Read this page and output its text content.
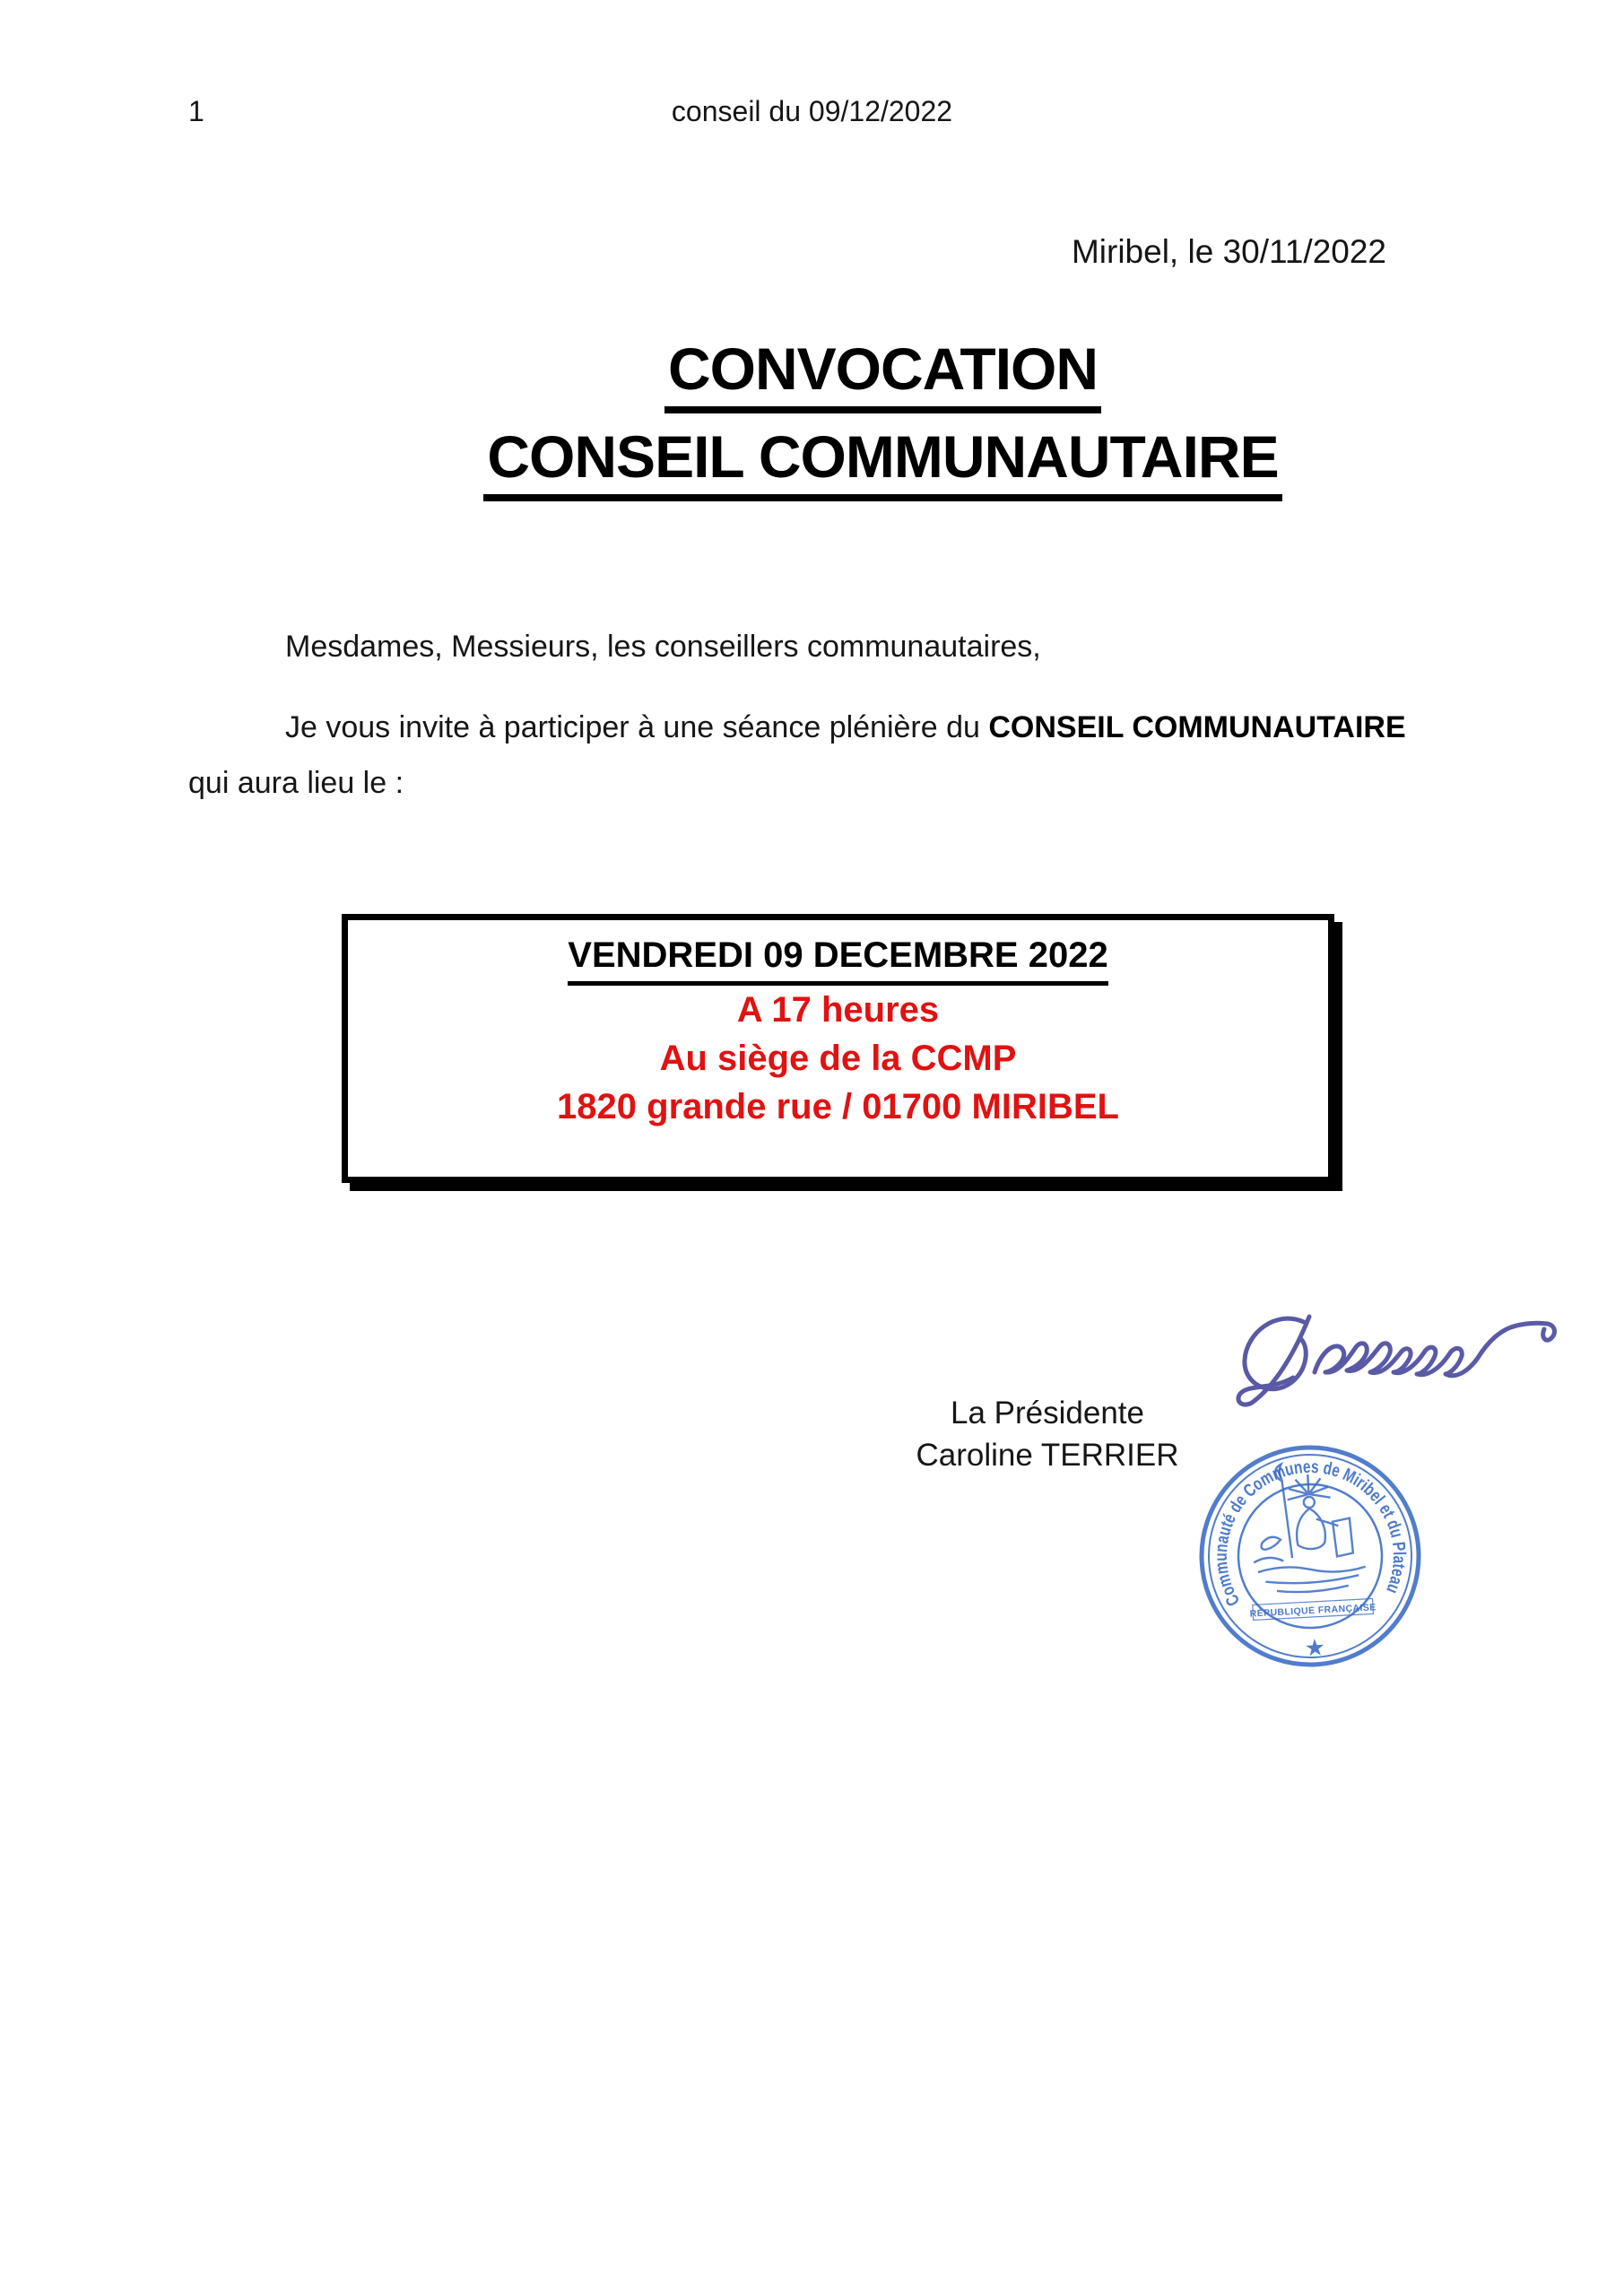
1	conseil du 09/12/2022
Miribel, le 30/11/2022
CONVOCATION
CONSEIL COMMUNAUTAIRE
Mesdames, Messieurs, les conseillers communautaires,
Je vous invite à participer à une séance plénière du CONSEIL COMMUNAUTAIRE
qui aura lieu le :
VENDREDI 09 DECEMBRE 2022
A 17 heures
Au siège de la CCMP
1820 grande rue / 01700 MIRIBEL
La Présidente
Caroline TERRIER
Communauté de Communes de Miribel et du Plateau
RÉPUBLIQUE FRANÇAISE
★
